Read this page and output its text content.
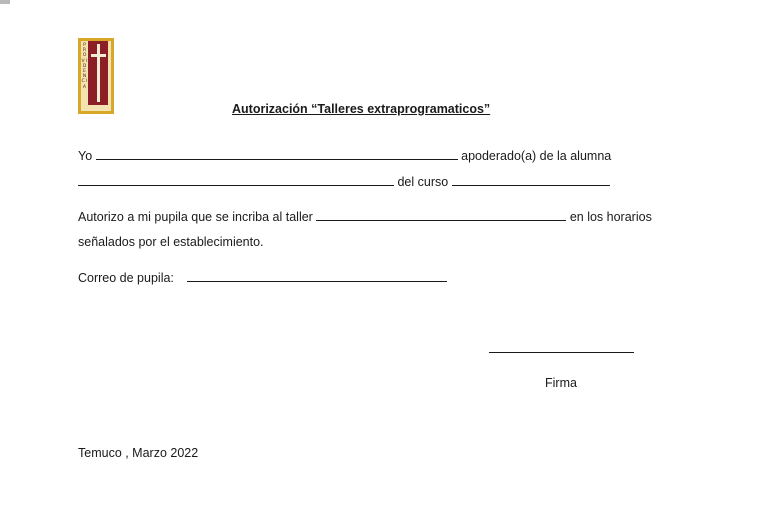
P R O V I D E N C I A
Autorización “Talleres extraprogramaticos”
Yo	apoderado(a) de la alumna
del curso
Autorizo a mi pupila que se incriba al taller	en los horarios
señalados por el establecimiento.
Correo de pupila:
Firma
Temuco , Marzo 2022
